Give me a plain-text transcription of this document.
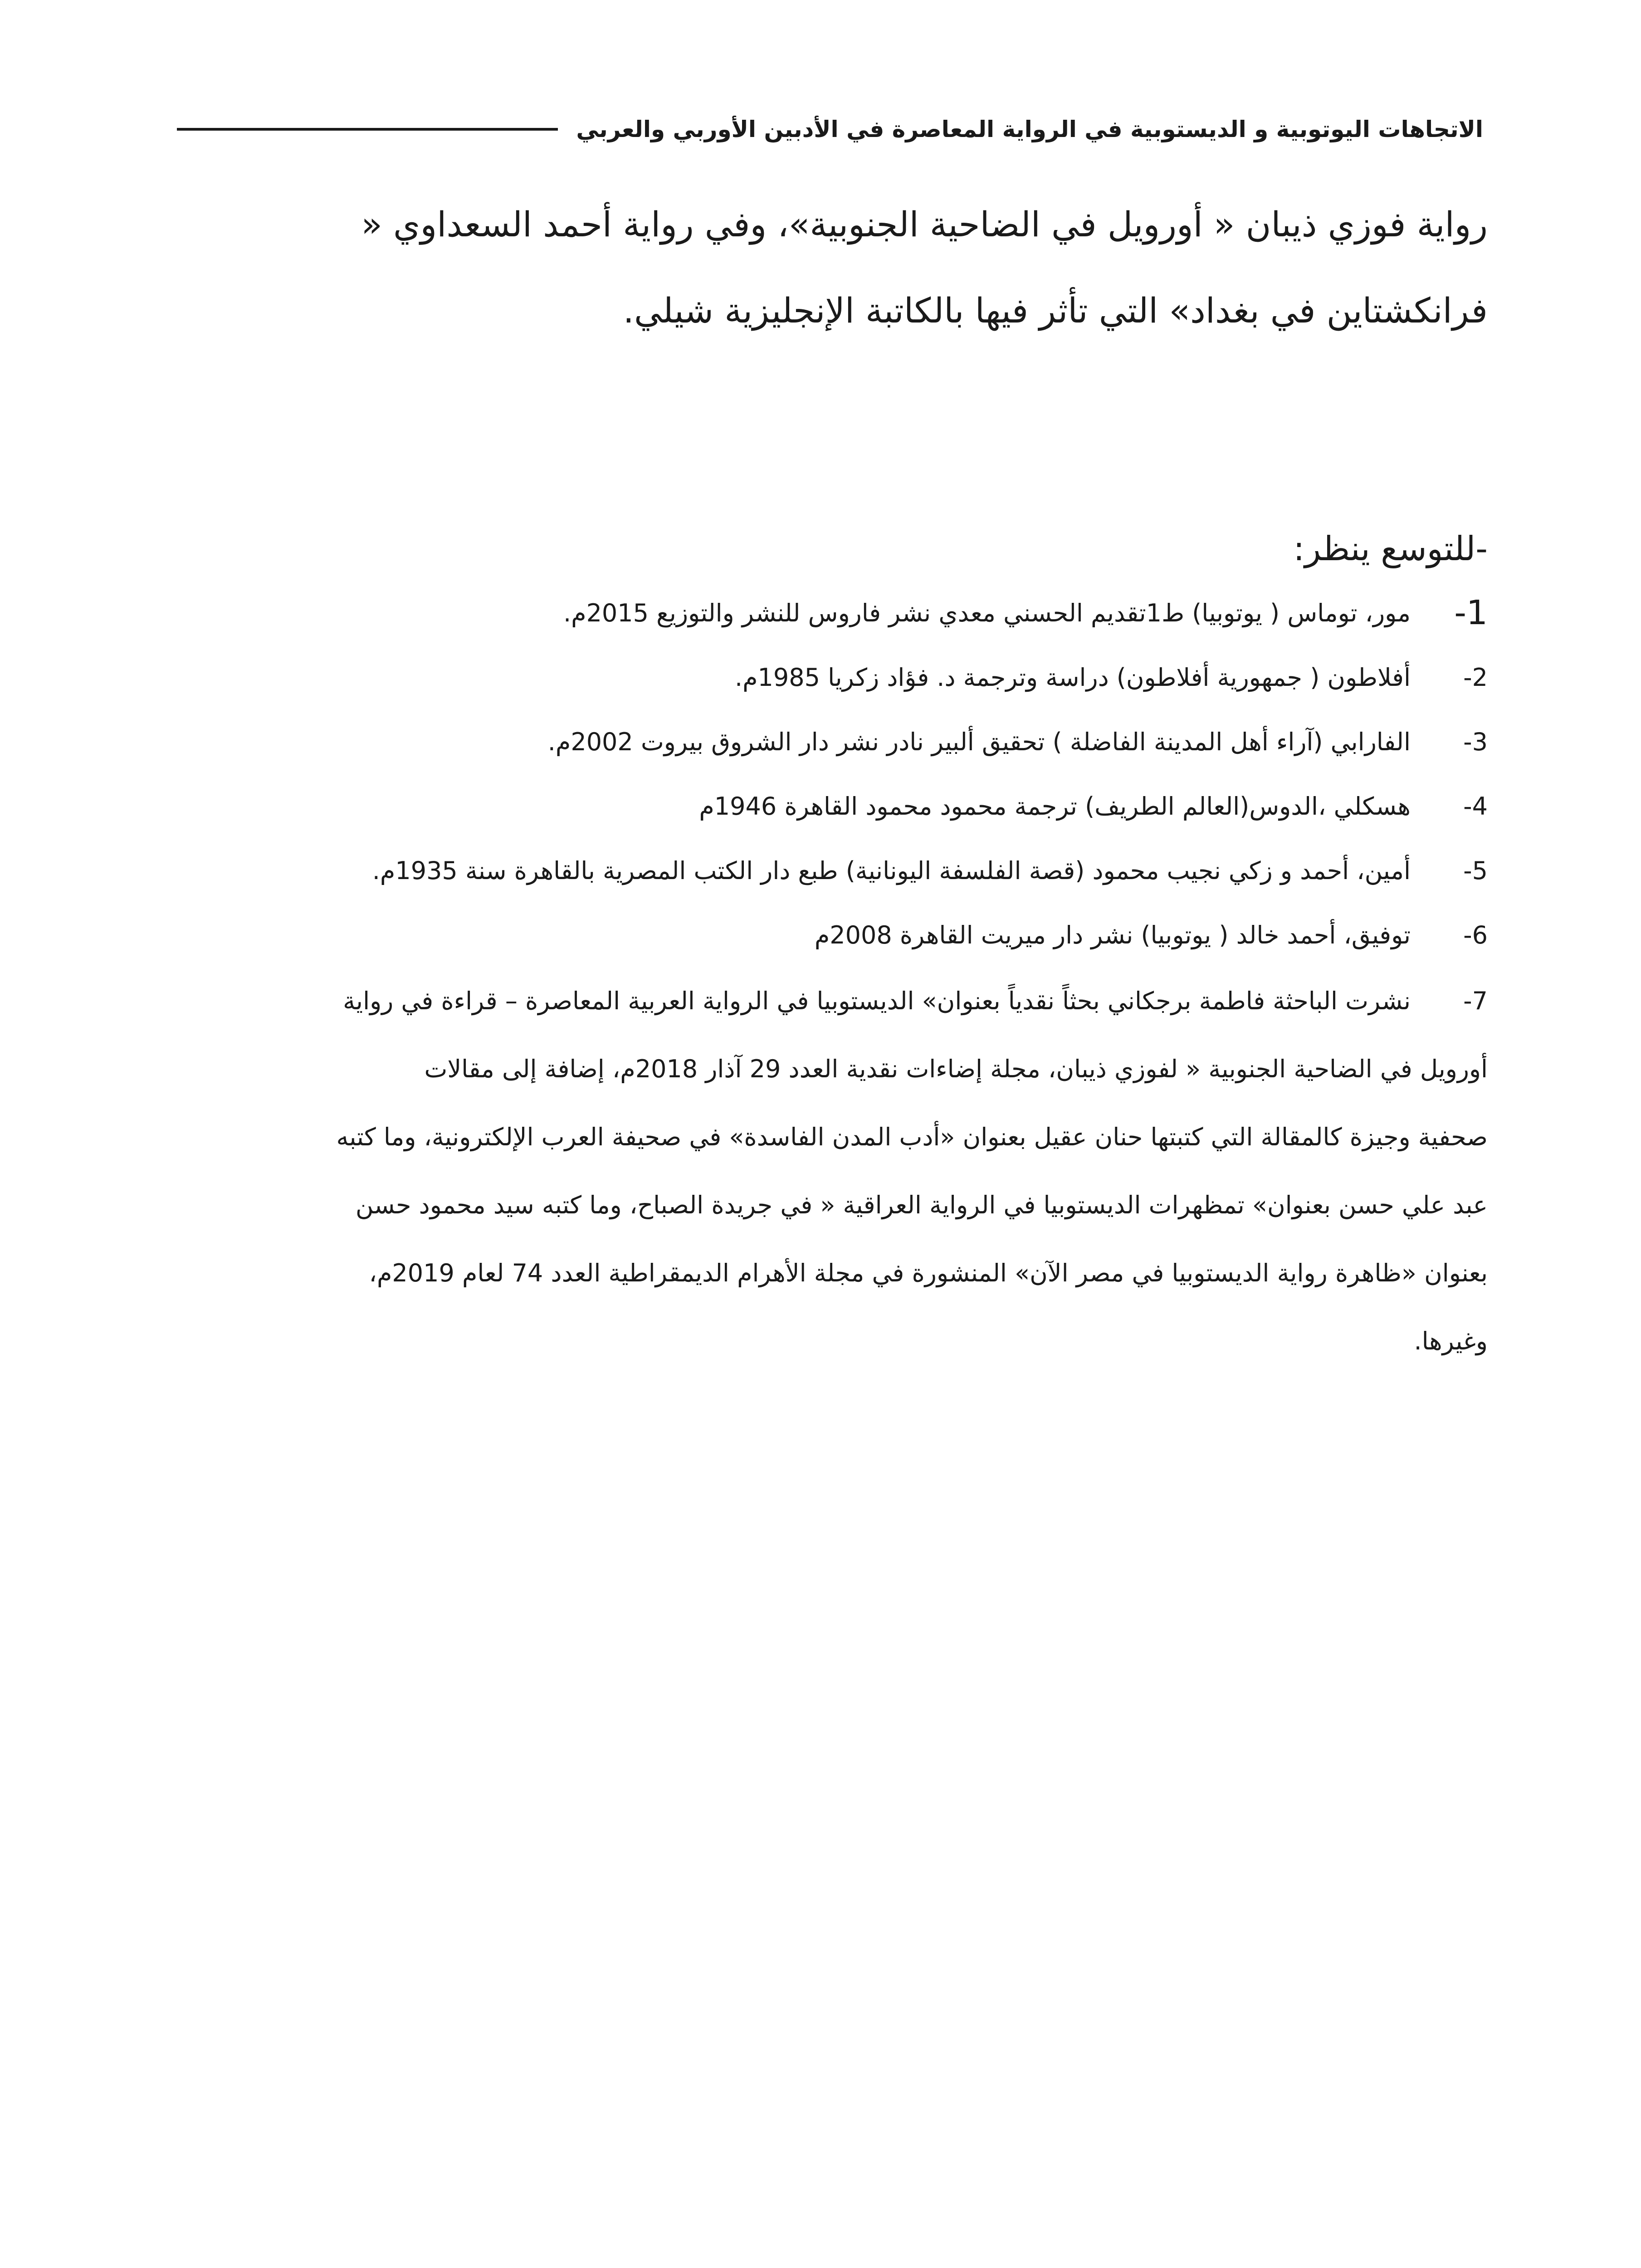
الاتجاهات اليوتوبية و الديستوبية في الرواية المعاصرة في الأدبين الأوربي والعربي
رواية فوزي ذيبان « أورويل في الضاحية الجنوبية»، وفي رواية أحمد السعداوي «
فرانكشتاين في بغداد» التي تأثر فيها بالكاتبة الإنجليزية شيلي.
-للتوسع ينظر:
1-
مور، توماس ( يوتوبيا) ط1تقديم الحسني معدي نشر فاروس للنشر والتوزيع 2015م.
2-
أفلاطون ( جمهورية أفلاطون) دراسة وترجمة د. فؤاد زكريا 1985م.
3-
الفارابي (آراء أهل المدينة الفاضلة ) تحقيق ألبير نادر نشر دار الشروق بيروت 2002م.
4-
هسكلي ،الدوس(العالم الطريف) ترجمة محمود محمود القاهرة 1946م
5-
أمين، أحمد و زكي نجيب محمود (قصة الفلسفة اليونانية) طبع دار الكتب المصرية بالقاهرة سنة 1935م.
6-
توفيق، أحمد خالد ( يوتوبيا) نشر دار ميريت القاهرة 2008م
7-
نشرت الباحثة فاطمة برجكاني بحثاً نقدياً بعنوان» الديستوبيا في الرواية العربية المعاصرة – قراءة في رواية
أورويل في الضاحية الجنوبية « لفوزي ذيبان، مجلة إضاءات نقدية العدد 29 آذار 2018م، إضافة إلى مقالات
صحفية وجيزة كالمقالة التي كتبتها حنان عقيل بعنوان «أدب المدن الفاسدة» في صحيفة العرب الإلكترونية، وما كتبه
عبد علي حسن بعنوان» تمظهرات الديستوبيا في الرواية العراقية « في جريدة الصباح، وما كتبه سيد محمود حسن
بعنوان «ظاهرة رواية الديستوبيا في مصر الآن» المنشورة في مجلة الأهرام الديمقراطية العدد 74 لعام 2019م،
وغيرها.
